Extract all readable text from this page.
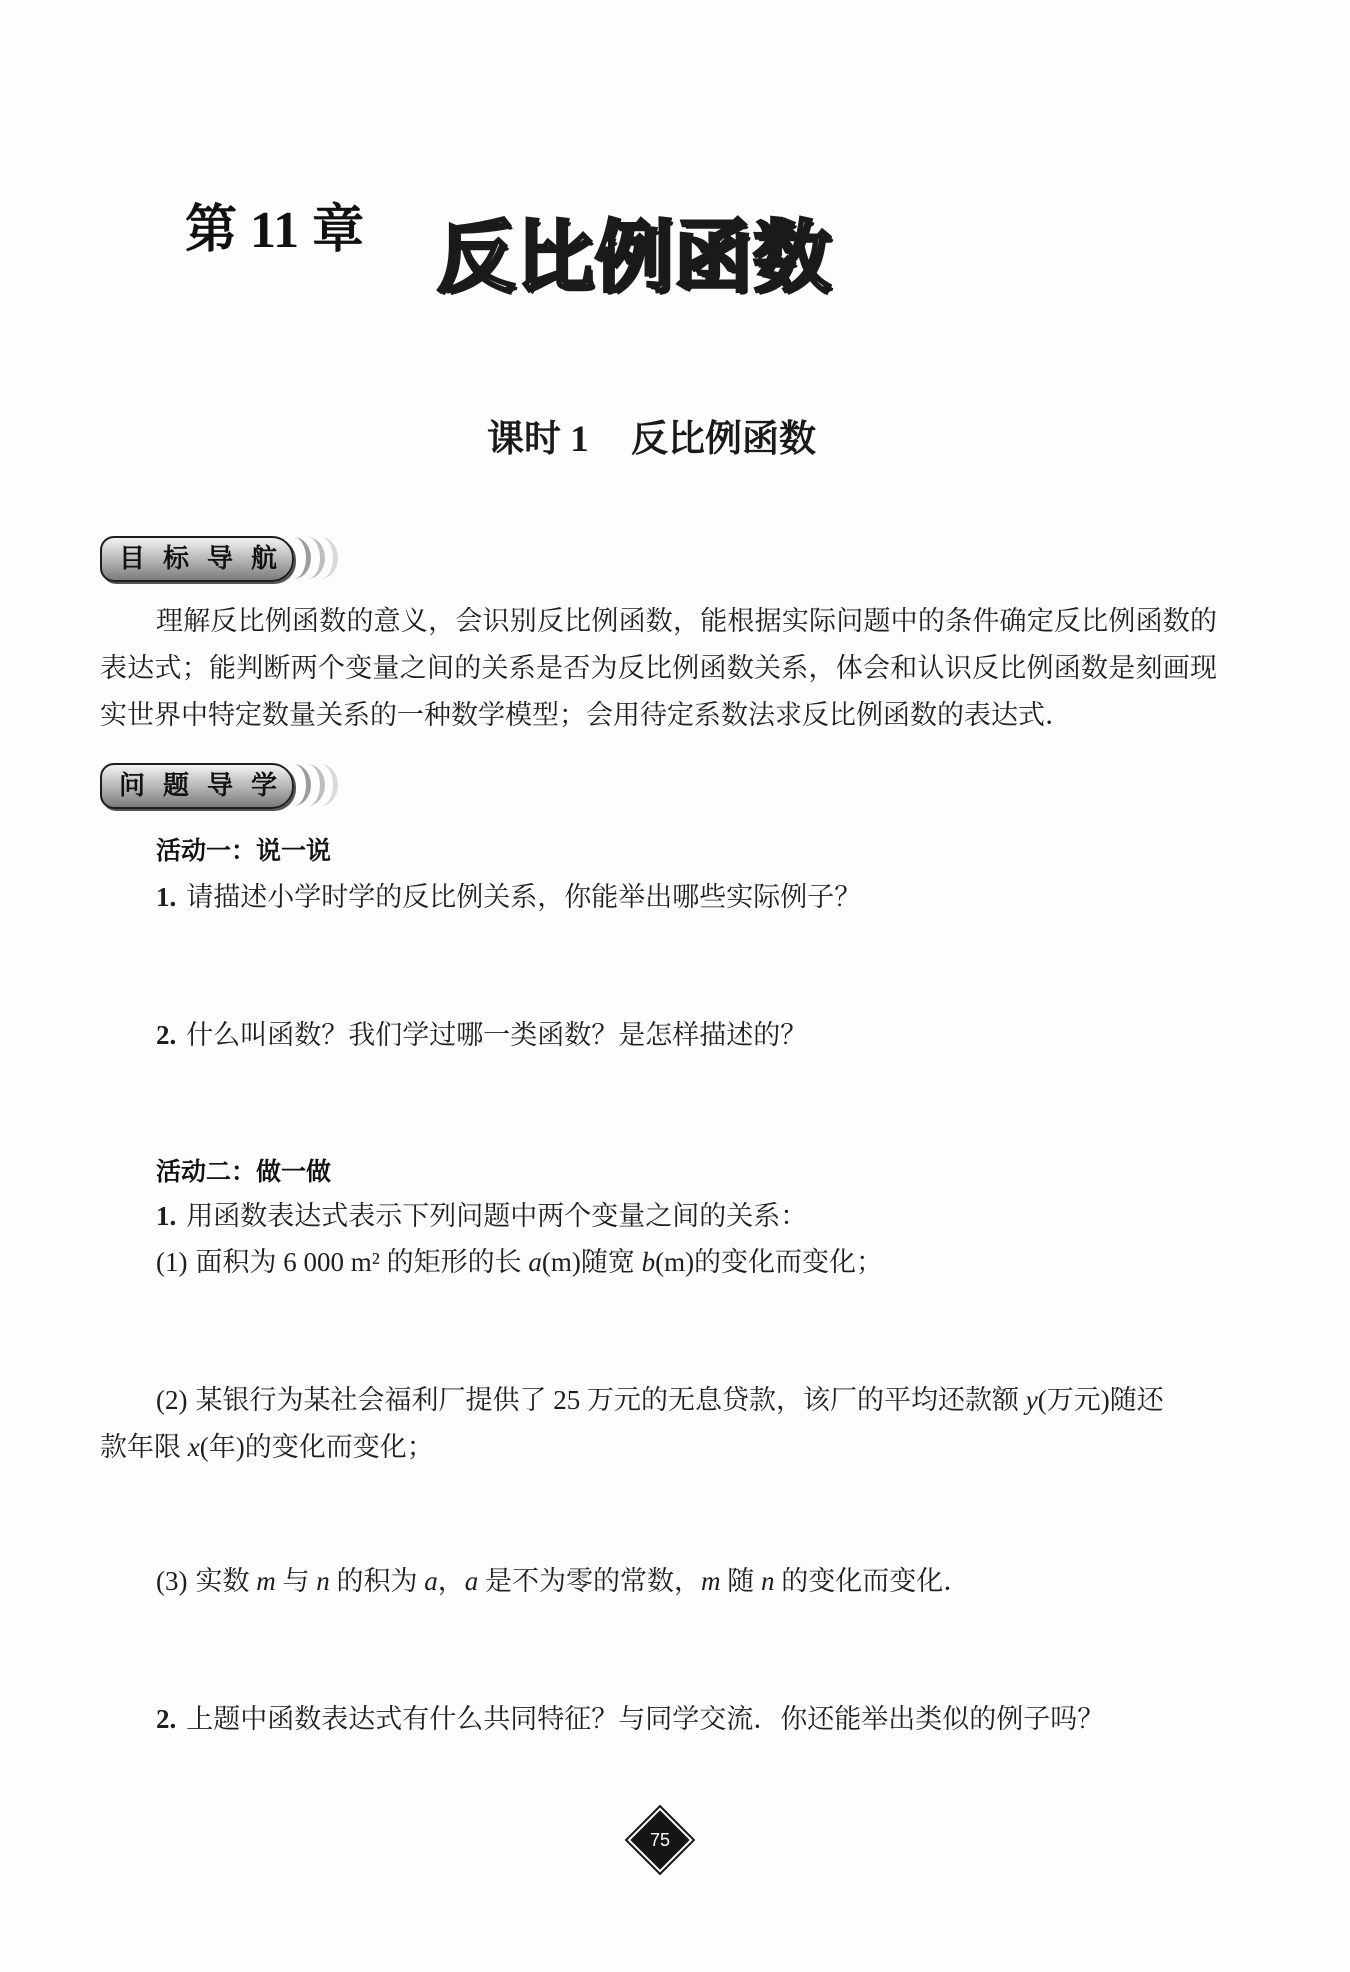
第 11 章 反比例函数
课时 1 反比例函数
目标导航
理解反比例函数的意义，会识别反比例函数，能根据实际问题中的条件确定反比例函数的
表达式；能判断两个变量之间的关系是否为反比例函数关系，体会和认识反比例函数是刻画现
实世界中特定数量关系的一种数学模型；会用待定系数法求反比例函数的表达式．
问题导学
活动一：说一说
1. 请描述小学时学的反比例关系，你能举出哪些实际例子？
2. 什么叫函数？我们学过哪一类函数？是怎样描述的？
活动二：做一做
1. 用函数表达式表示下列问题中两个变量之间的关系：
(1) 面积为 6 000 m² 的矩形的长 a(m)随宽 b(m)的变化而变化；
(2) 某银行为某社会福利厂提供了 25 万元的无息贷款，该厂的平均还款额 y(万元)随还
款年限 x(年)的变化而变化；
(3) 实数 m 与 n 的积为 a，a 是不为零的常数，m 随 n 的变化而变化．
2. 上题中函数表达式有什么共同特征？与同学交流．你还能举出类似的例子吗？
75
